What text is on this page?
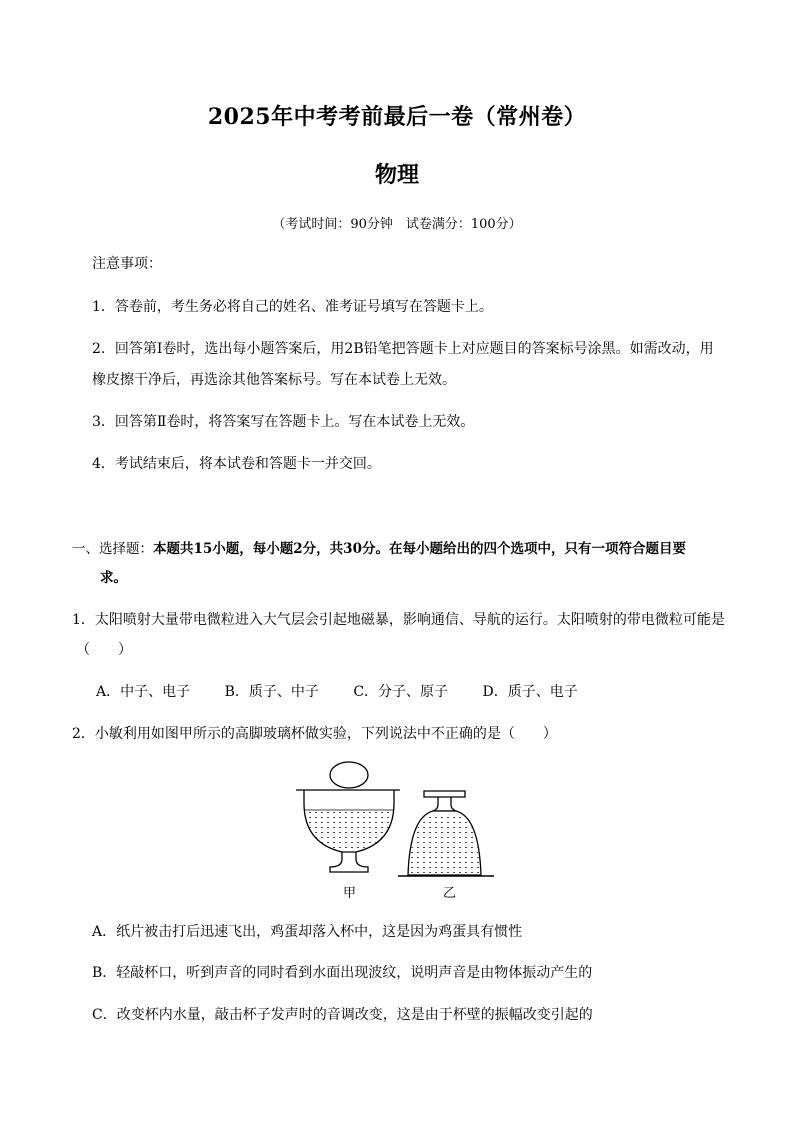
2025年中考考前最后一卷（常州卷）
物理
（考试时间：90分钟　试卷满分：100分）
注意事项：
1．答卷前，考生务必将自己的姓名、准考证号填写在答题卡上。
2．回答第Ⅰ卷时，选出每小题答案后，用2B铅笔把答题卡上对应题目的答案标号涂黑。如需改动，用
橡皮擦干净后，再选涂其他答案标号。写在本试卷上无效。
3．回答第Ⅱ卷时，将答案写在答题卡上。写在本试卷上无效。
4．考试结束后，将本试卷和答题卡一并交回。
一、选择题：本题共15小题，每小题2分，共30分。在每小题给出的四个选项中，只有一项符合题目要
求。
1．太阳喷射大量带电微粒进入大气层会引起地磁暴，影响通信、导航的运行。太阳喷射的带电微粒可能是
（　　）
A．中子、电子 B．质子、中子 C．分子、原子 D．质子、电子
2．小敏利用如图甲所示的高脚玻璃杯做实验，下列说法中不正确的是（　　）
甲	乙
A．纸片被击打后迅速飞出，鸡蛋却落入杯中，这是因为鸡蛋具有惯性
B．轻敲杯口，听到声音的同时看到水面出现波纹，说明声音是由物体振动产生的
C．改变杯内水量，敲击杯子发声时的音调改变，这是由于杯壁的振幅改变引起的
